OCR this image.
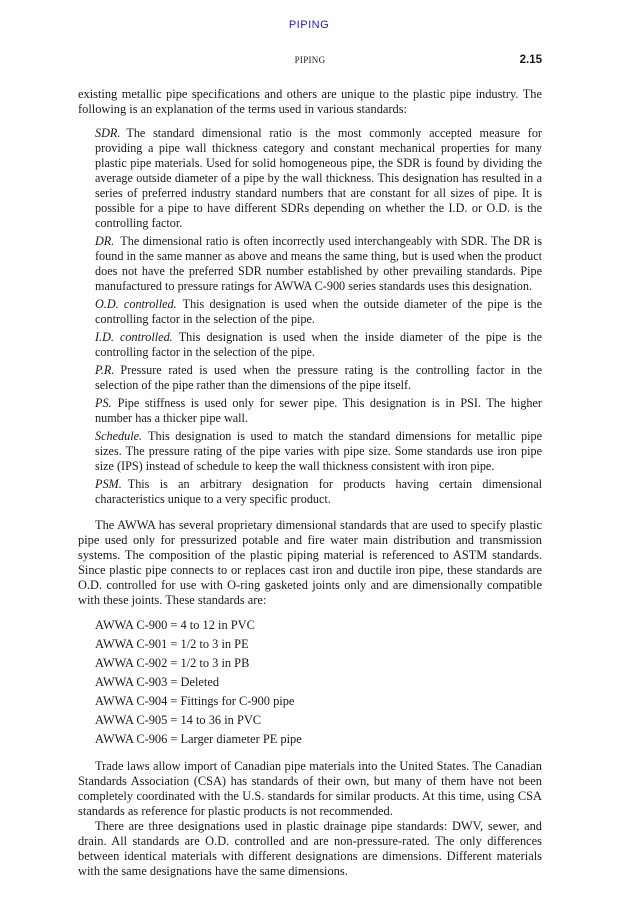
PIPING
PIPING	2.15

existing metallic pipe specifications and others are unique to the plastic pipe industry. The following is an explanation of the terms used in various standards:

SDR. The standard dimensional ratio is the most commonly accepted measure for providing a pipe wall thickness category and constant mechanical properties for many plastic pipe materials. Used for solid homogeneous pipe, the SDR is found by dividing the average outside diameter of a pipe by the wall thickness. This designation has resulted in a series of preferred industry standard numbers that are constant for all sizes of pipe. It is possible for a pipe to have different SDRs depending on whether the I.D. or O.D. is the controlling factor.

DR. The dimensional ratio is often incorrectly used interchangeably with SDR. The DR is found in the same manner as above and means the same thing, but is used when the product does not have the preferred SDR number established by other prevailing standards. Pipe manufactured to pressure ratings for AWWA C-900 series standards uses this designation.

O.D. controlled. This designation is used when the outside diameter of the pipe is the controlling factor in the selection of the pipe.

I.D. controlled. This designation is used when the inside diameter of the pipe is the controlling factor in the selection of the pipe.

P.R. Pressure rated is used when the pressure rating is the controlling factor in the selection of the pipe rather than the dimensions of the pipe itself.

PS. Pipe stiffness is used only for sewer pipe. This designation is in PSI. The higher number has a thicker pipe wall.

Schedule. This designation is used to match the standard dimensions for metallic pipe sizes. The pressure rating of the pipe varies with pipe size. Some standards use iron pipe size (IPS) instead of schedule to keep the wall thickness consistent with iron pipe.

PSM. This is an arbitrary designation for products having certain dimensional characteristics unique to a very specific product.

The AWWA has several proprietary dimensional standards that are used to specify plastic pipe used only for pressurized potable and fire water main distribution and transmission systems. The composition of the plastic piping material is referenced to ASTM standards. Since plastic pipe connects to or replaces cast iron and ductile iron pipe, these standards are O.D. controlled for use with O-ring gasketed joints only and are dimensionally compatible with these joints. These standards are:

AWWA C-900 = 4 to 12 in PVC
AWWA C-901 = 1/2 to 3 in PE
AWWA C-902 = 1/2 to 3 in PB
AWWA C-903 = Deleted
AWWA C-904 = Fittings for C-900 pipe
AWWA C-905 = 14 to 36 in PVC
AWWA C-906 = Larger diameter PE pipe

Trade laws allow import of Canadian pipe materials into the United States. The Canadian Standards Association (CSA) has standards of their own, but many of them have not been completely coordinated with the U.S. standards for similar products. At this time, using CSA standards as reference for plastic products is not recommended.

There are three designations used in plastic drainage pipe standards: DWV, sewer, and drain. All standards are O.D. controlled and are non-pressure-rated. The only differences between identical materials with different designations are dimensions. Different materials with the same designations have the same dimensions.
